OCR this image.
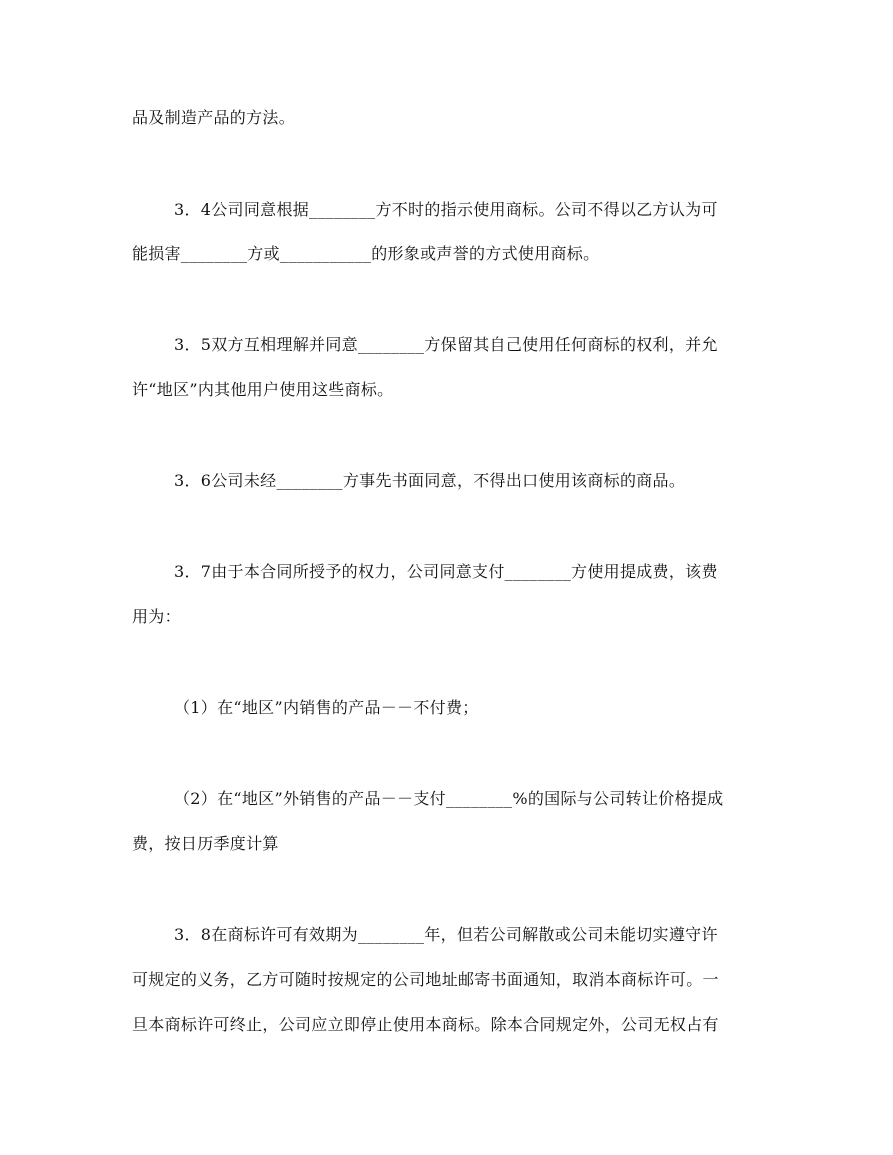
品及制造产品的方法。
3．4公司同意根据________方不时的指示使用商标。公司不得以乙方认为可
能损害________方或___________的形象或声誉的方式使用商标。
3．5双方互相理解并同意________方保留其自己使用任何商标的权利，并允
许“地区”内其他用户使用这些商标。
3．6公司未经________方事先书面同意，不得出口使用该商标的商品。
3．7由于本合同所授予的权力，公司同意支付________方使用提成费，该费
用为：
（1）在“地区”内销售的产品－－不付费；
（2）在“地区”外销售的产品－－支付________%的国际与公司转让价格提成
费，按日历季度计算
3．8在商标许可有效期为________年，但若公司解散或公司未能切实遵守许
可规定的义务，乙方可随时按规定的公司地址邮寄书面通知，取消本商标许可。一
旦本商标许可终止，公司应立即停止使用本商标。除本合同规定外，公司无权占有
